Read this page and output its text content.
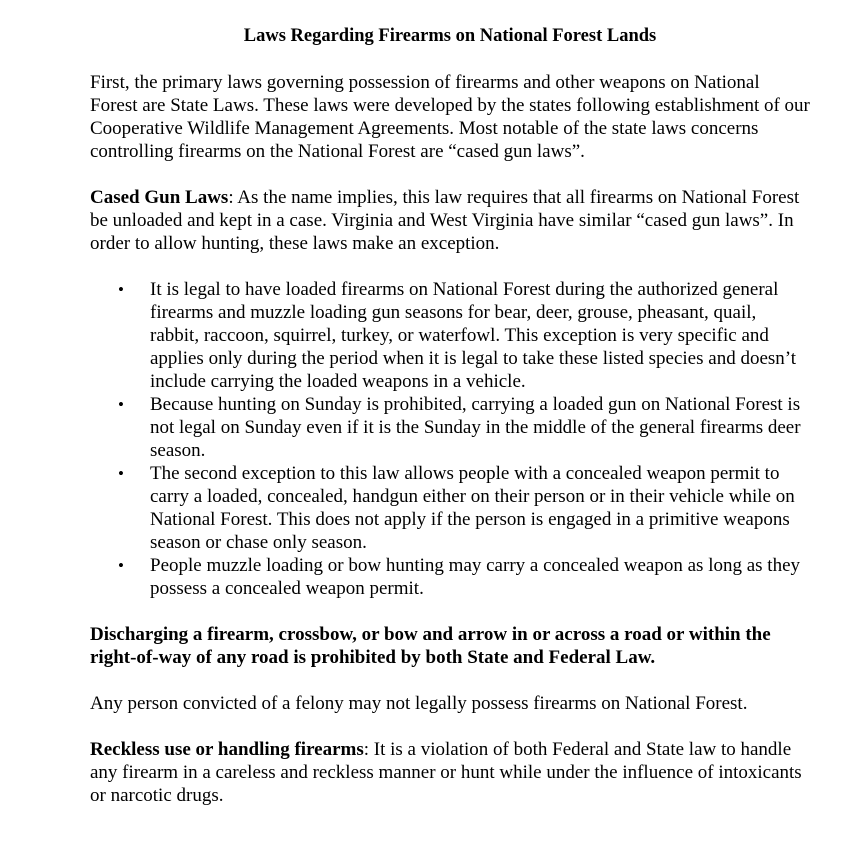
Laws Regarding Firearms on National Forest Lands

First, the primary laws governing possession of firearms and other weapons on National Forest are State Laws. These laws were developed by the states following establishment of our Cooperative Wildlife Management Agreements. Most notable of the state laws concerns controlling firearms on the National Forest are “cased gun laws”.

Cased Gun Laws: As the name implies, this law requires that all firearms on National Forest be unloaded and kept in a case. Virginia and West Virginia have similar “cased gun laws”. In order to allow hunting, these laws make an exception.

• It is legal to have loaded firearms on National Forest during the authorized general firearms and muzzle loading gun seasons for bear, deer, grouse, pheasant, quail, rabbit, raccoon, squirrel, turkey, or waterfowl. This exception is very specific and applies only during the period when it is legal to take these listed species and doesn’t include carrying the loaded weapons in a vehicle.
• Because hunting on Sunday is prohibited, carrying a loaded gun on National Forest is not legal on Sunday even if it is the Sunday in the middle of the general firearms deer season.
• The second exception to this law allows people with a concealed weapon permit to carry a loaded, concealed, handgun either on their person or in their vehicle while on National Forest. This does not apply if the person is engaged in a primitive weapons season or chase only season.
• People muzzle loading or bow hunting may carry a concealed weapon as long as they possess a concealed weapon permit.

Discharging a firearm, crossbow, or bow and arrow in or across a road or within the right-of-way of any road is prohibited by both State and Federal Law.

Any person convicted of a felony may not legally possess firearms on National Forest.

Reckless use or handling firearms: It is a violation of both Federal and State law to handle any firearm in a careless and reckless manner or hunt while under the influence of intoxicants or narcotic drugs.
